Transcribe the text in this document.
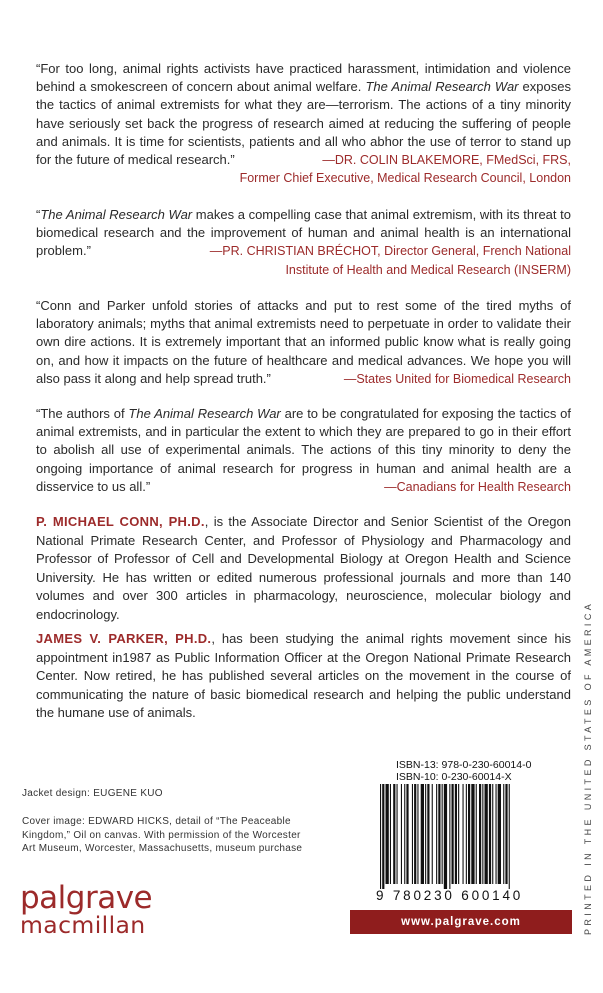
“For too long, animal rights activists have practiced harassment, intimidation and violence behind a smokescreen of concern about animal welfare. The Animal Research War exposes the tactics of animal extremists for what they are—terrorism. The actions of a tiny minority have seriously set back the progress of research aimed at reducing the suffering of people and animals. It is time for scientists, patients and all who abhor the use of terror to stand up for the future of medical research.”	—DR. COLIN BLAKEMORE, FMedSci, FRS,
Former Chief Executive, Medical Research Council, London
“The Animal Research War makes a compelling case that animal extremism, with its threat to biomedical research and the improvement of human and animal health is an international problem.”	—PR. CHRISTIAN BRÉCHOT, Director General, French National
Institute of Health and Medical Research (INSERM)
“Conn and Parker unfold stories of attacks and put to rest some of the tired myths of laboratory animals; myths that animal extremists need to perpetuate in order to validate their own dire actions. It is extremely important that an informed public know what is really going on, and how it impacts on the future of healthcare and medical advances. We hope you will also pass it along and help spread truth.”	—States United for Biomedical Research
“The authors of The Animal Research War are to be congratulated for exposing the tactics of animal extremists, and in particular the extent to which they are prepared to go in their effort to abolish all use of experimental animals. The actions of this tiny minority to deny the ongoing importance of animal research for progress in human and animal health are a disservice to us all.”	—Canadians for Health Research
P. MICHAEL CONN, PH.D., is the Associate Director and Senior Scientist of the Oregon National Primate Research Center, and Professor of Physiology and Pharmacology and Professor of Professor of Cell and Developmental Biology at Oregon Health and Science University. He has written or edited numerous professional journals and more than 140 volumes and over 300 articles in pharmacology, neuroscience, molecular biology and endocrinology.
JAMES V. PARKER, PH.D., has been studying the animal rights movement since his appointment in1987 as Public Information Officer at the Oregon National Primate Research Center. Now retired, he has published several articles on the movement in the course of communicating the nature of basic biomedical research and helping the public understand the humane use of animals.
Jacket design: EUGENE KUO
Cover image: EDWARD HICKS, detail of “The Peaceable
Kingdom,” Oil on canvas. With permission of the Worcester
Art Museum, Worcester, Massachusetts, museum purchase
palgrave
macmillan
ISBN-13: 978-0-230-60014-0
ISBN-10: 0-230-60014-X
9 780230 600140
www.palgrave.com	PRINTED IN THE UNITED STATES OF AMERICA
